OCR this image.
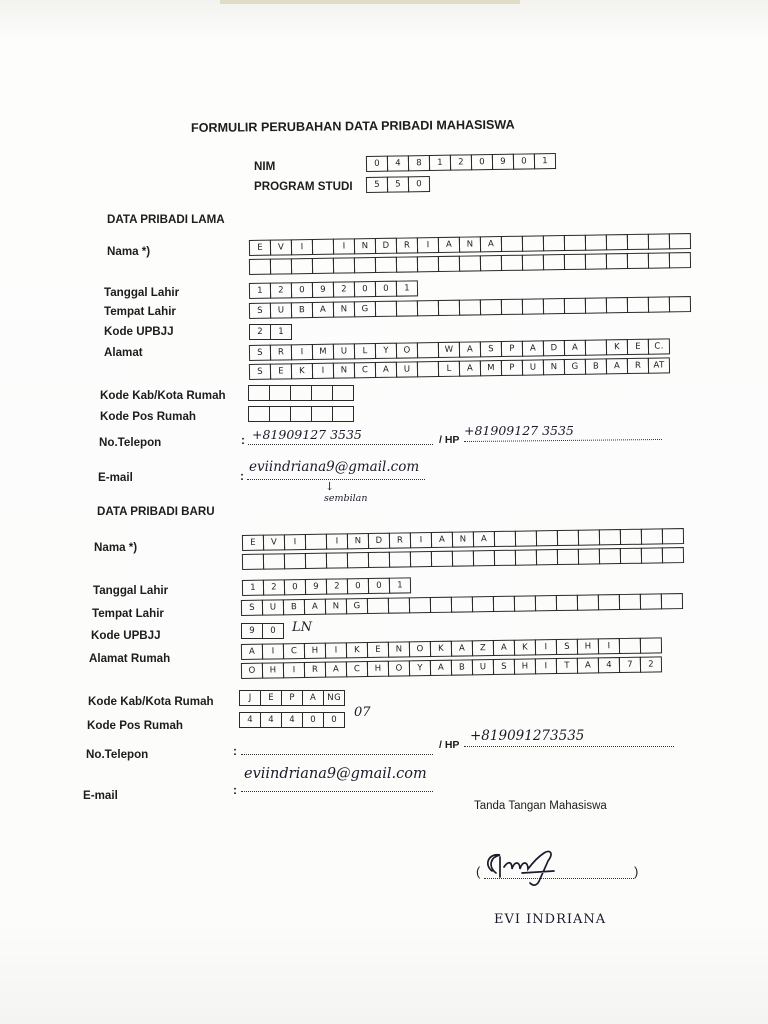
FORMULIR PERUBAHAN DATA PRIBADI MAHASISWA
NIM	0	4	8	1	2	0	9	0	1
PROGRAM STUDI	5	5	0
DATA PRIBADI LAMA
Nama *)	E	V	I	I	N	D	R	I	A	N	A
Tanggal Lahir	1	2	0	9	2	0	0	1
Tempat Lahir	S	U	B	A	N	G
Kode UPBJJ	2	1
Alamat	S	R	I	M	U	L	Y	O	W	A	S	P	A	D	A	K	E	C.
S	E	K	I	N	C	A	U	L	A	M	P	U	N	G	B	A	R	AT
Kode Kab/Kota Rumah
Kode Pos Rumah
No.Telepon	: +81909127 3535	/ HP
+81909127 3535
E-mail	:
eviindriana9@gmail.com
↓
sembilan
DATA PRIBADI BARU
Nama *)	E	V	I	I	N	D	R	I	A	N	A
Tanggal Lahir	1	2	0	9	2	0	0	1
Tempat Lahir	S	U	B	A	N	G
Kode UPBJJ	9	0	LN
Alamat Rumah
A	I	C	H	I	K	E	N	O	K	A	Z	A	K	I	S	H	I
O	H	I	R	A	C	H	O	Y	A	B	U	S	H	I	T	A	4	7	2
Kode Kab/Kota Rumah	J	E	P	A	NG
Kode Pos Rumah	4	4	4	0	0	07
No.Telepon	:	/ HP
+819091273535
E-mail	:
eviindriana9@gmail.com
Tanda Tangan Mahasiswa
(	)
EVI INDRIANA
